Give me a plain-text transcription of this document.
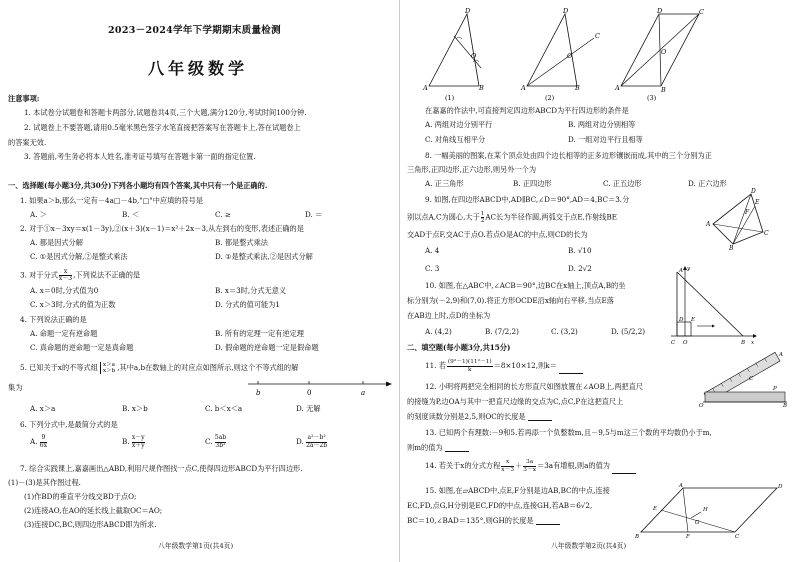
2023－2024学年下学期期末质量检测
八年级数学
注意事项:
1. 本试卷分试题卷和答题卡两部分,试题卷共4页,三个大题,满分120分,考试时间100分钟.
2. 试题卷上不要答题,请用0.5毫米黑色签字水笔直接把答案写在答题卡上,答在试题卷上
的答案无效.
3. 答题前,考生务必将本人姓名,准考证号填写在答题卡第一面的指定位置.
一、选择题(每小题3分,共30分)下列各小题均有四个答案,其中只有一个是正确的.
1. 如果a＞b,那么一定有－4a□－4b,"□"中应填的符号是
A. ＞	B. ＜	C. ≥	D. ＝
2. 对于①x－3xy＝x(1－3y),②(x＋3)(x－1)＝x²＋2x－3,从左到右的变形,表述正确的是
A. 都是因式分解	B. 都是整式乘法
C. ①是因式分解,②是整式乘法	D. ①是整式乘法,②是因式分解
3. 对于分式 $\frac{x}{x-3}$ ,下列说法不正确的是
A. x＝0时,分式值为0	B. x＝3时,分式无意义
C. x＞3时,分式的值为正数	D. 分式的值可能为1
4. 下列说法正确的是
A. 命题一定有逆命题	B. 所有的定理一定有逆定理
C. 真命题的逆命题一定是真命题	D. 假命题的逆命题一定是假命题
5. 已知关于x的不等式组 x＞a
x＞b ,其中a,b在数轴上的对应点如图所示,则这个不等式组的解
集为
b	0	a
A. x＞a	B. x＞b	C. b＜x＜a	D. 无解
6. 下列分式中,是最简分式的是
A. $\frac{9}{6x}$	B. $\frac{x-y}{x+y}$	C. $\frac{5ab}{\text{3b²}}$	D. $\frac{\text{a²－b²}}{2a-2b}$
7. 综合实践课上,嘉嘉画出△ABD,利用尺规作图找一点C,使得四边形ABCD为平行四边形.
(1)－(3)是其作图过程.
(1)作BD的垂直平分线交BD于点O;
(2)连接AO,在AO的延长线上截取OC＝AO;
(3)连接DC,BC,则四边形ABCD即为所求.
八年级数学第1页(共4页)
D
A	B
O
(1)
D
A	B
C
O
(2)
D	C
A	B
O
(3)
在嘉嘉的作法中,可直接判定四边形ABCD为平行四边形的条件是
A. 两组对边分别平行	B. 两组对边分别相等
C. 对角线互相平分	D. 一组对边平行且相等
8. 一幅美丽的图案,在某个顶点处由四个边长相等的正多边形镶嵌而成,其中的三个分别为正
三角形,正四边形,正六边形,则另外一个为
A. 正三角形	B. 正四边形	C. 正五边形	D. 正六边形
9. 如图,在四边形ABCD中,AD∥BC,∠D＝90°,AD＝4,BC＝3.分
别以点A,C为圆心,大于 $\frac{1}{2}$ AC长为半径作圆,两弧交于点E,作射线BE
交AD于点F,交AC于点O.若点O是AC的中点,则CD的长为
A. 4	B. √10
C. 3	D. 2√2
D
A
C
B
E
F
10. 如图,在△ABC中,∠ACB＝90°,边BC在x轴上,顶点A,B的坐
标分别为(－2,9)和(7,0).将正方形OCDE沿x轴向右平移,当点E落
在AB边上时,点D的坐标为
A. (4,2)	B. (7/2,2)	C. (3,2)	D. (5/2,2)
A y
C O	B x
D E
二、填空题(每小题3分,共15分)
11. 若 $\frac{\text{(9²－1)(11²－1)}}{k} =8\times 10\times 12$,则k＝
12. 小明将两把完全相同的长方形直尺如图放置在∠AOB上,两把直尺
的接缝为P,边OA与其中一把直尺边缘的交点为C,点C,P在这把直尺上
的刻度读数分别是2,5,则OC的长度是
O	B
A
C
P
13. 已知两个有理数:－9和5.若再添一个负整数m,且－9,5与m这三个数的平均数仍小于m,
则m的值为
14. 若关于x的分式方程 $\frac{x}{x-3} + \frac{3a}{3-x} =3a$有增根,则a的值为
15. 如图,在▱ABCD中,点E,F分别是边AB,BC的中点,连接
EC,FD,点G,H分别是EC,FD的中点,连接GH,若AB＝6√2,
BC＝10,∠BAD＝135°,则GH的长度是
A	D
B	C
E
F
G
H
八年级数学第2页(共4页)
